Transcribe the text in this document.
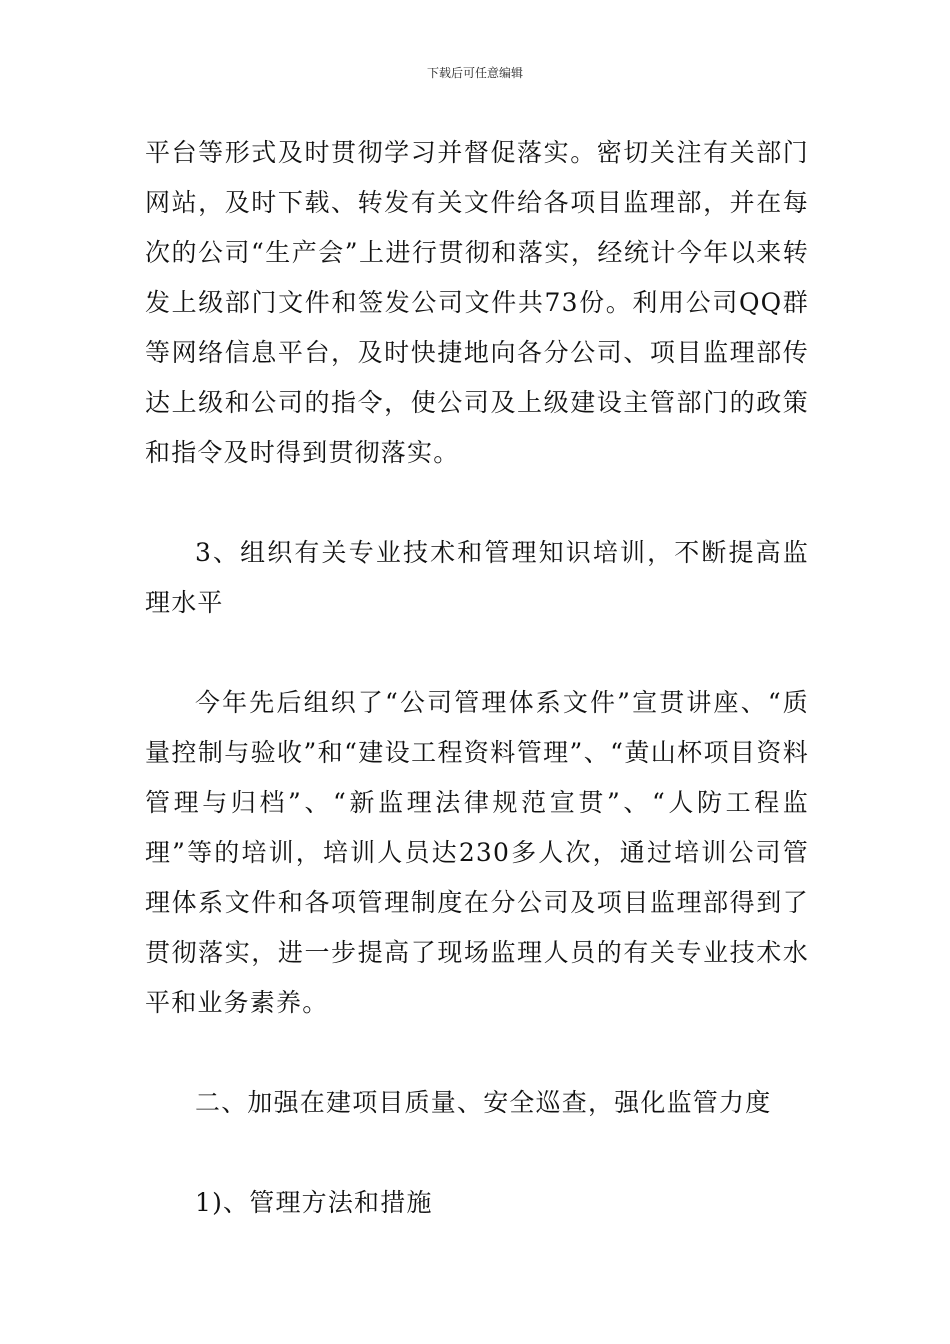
下载后可任意编辑

平台等形式及时贯彻学习并督促落实。密切关注有关部门网站，及时下载、转发有关文件给各项目监理部，并在每次的公司“生产会”上进行贯彻和落实，经统计今年以来转发上级部门文件和签发公司文件共73份。利用公司QQ群等网络信息平台，及时快捷地向各分公司、项目监理部传达上级和公司的指令，使公司及上级建设主管部门的政策和指令及时得到贯彻落实。

3、组织有关专业技术和管理知识培训，不断提高监理水平

今年先后组织了“公司管理体系文件”宣贯讲座、“质量控制与验收”和“建设工程资料管理”、“黄山杯项目资料管理与归档”、“新监理法律规范宣贯”、“人防工程监理”等的培训，培训人员达230多人次，通过培训公司管理体系文件和各项管理制度在分公司及项目监理部得到了贯彻落实，进一步提高了现场监理人员的有关专业技术水平和业务素养。

二、加强在建项目质量、安全巡查，强化监管力度

1)、管理方法和措施
